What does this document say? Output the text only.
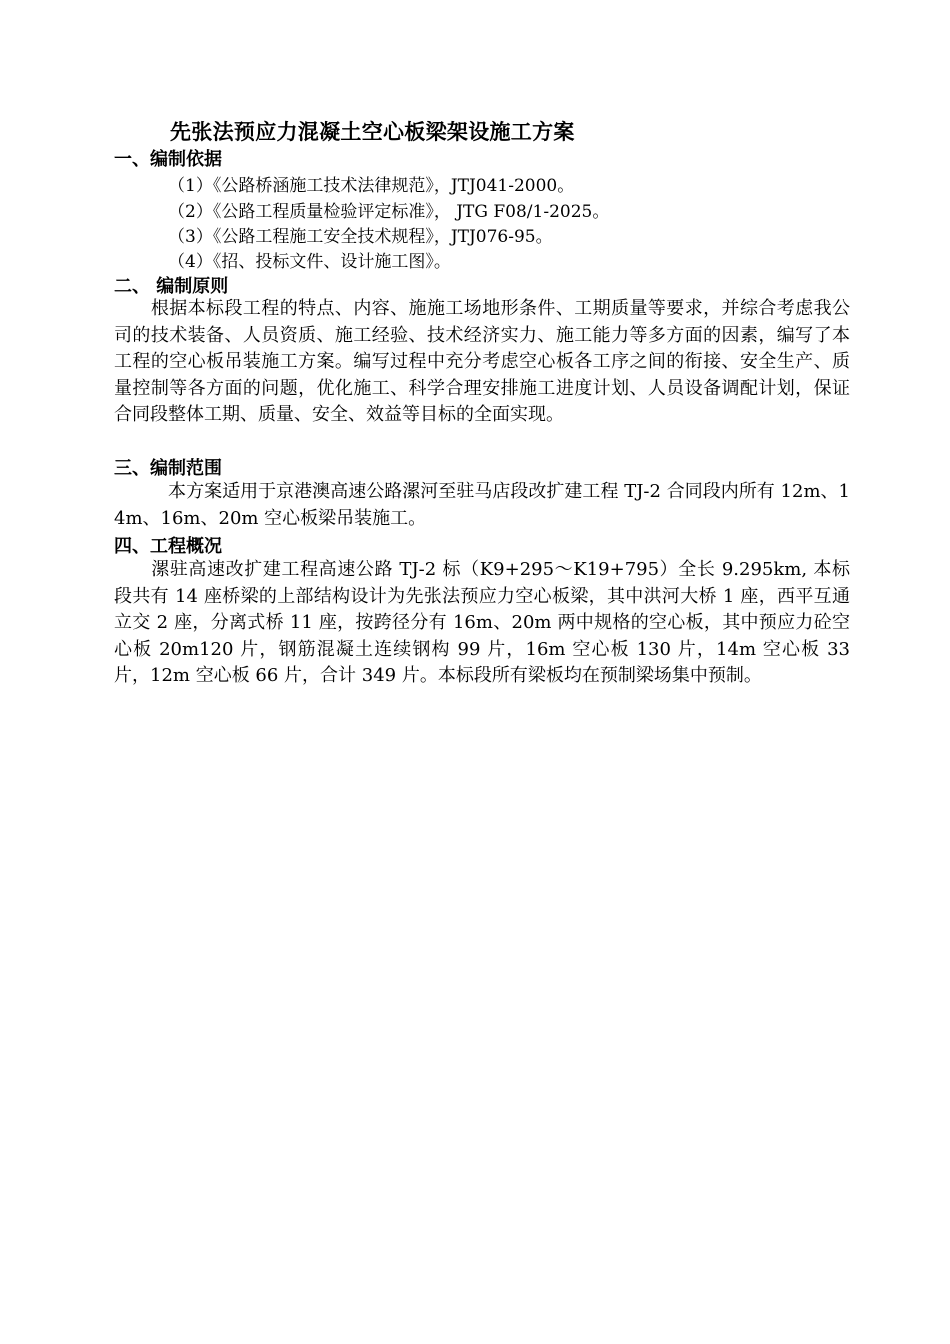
先张法预应力混凝土空心板梁架设施工方案
一、编制依据
（1）《公路桥涵施工技术法律规范》，JTJ041-2000。
（2）《公路工程质量检验评定标准》， JTG F08/1-2025。
（3）《公路工程施工安全技术规程》，JTJ076-95。
（4）《招、投标文件、设计施工图》。
二、 编制原则
　　根据本标段工程的特点、内容、施施工场地形条件、工期质量等要求，并综合考虑我公司的技术装备、人员资质、施工经验、技术经济实力、施工能力等多方面的因素，编写了本工程的空心板吊装施工方案。编写过程中充分考虑空心板各工序之间的衔接、安全生产、质量控制等各方面的问题，优化施工、科学合理安排施工进度计划、人员设备调配计划，保证合同段整体工期、质量、安全、效益等目标的全面实现。
三、编制范围
　　　本方案适用于京港澳高速公路漯河至驻马店段改扩建工程 TJ-2 合同段内所有 12m、14m、16m、20m 空心板梁吊装施工。
四、工程概况
　　漯驻高速改扩建工程高速公路 TJ-2 标（K9+295～K19+795）全长 9.295km, 本标段共有 14 座桥梁的上部结构设计为先张法预应力空心板梁，其中洪河大桥 1 座，西平互通立交 2 座，分离式桥 11 座，按跨径分有 16m、20m 两中规格的空心板，其中预应力砼空心板 20m120 片，钢筋混凝土连续钢构 99 片，16m 空心板 130 片，14m 空心板 33 片，12m 空心板 66 片，合计 349 片。本标段所有梁板均在预制梁场集中预制。
